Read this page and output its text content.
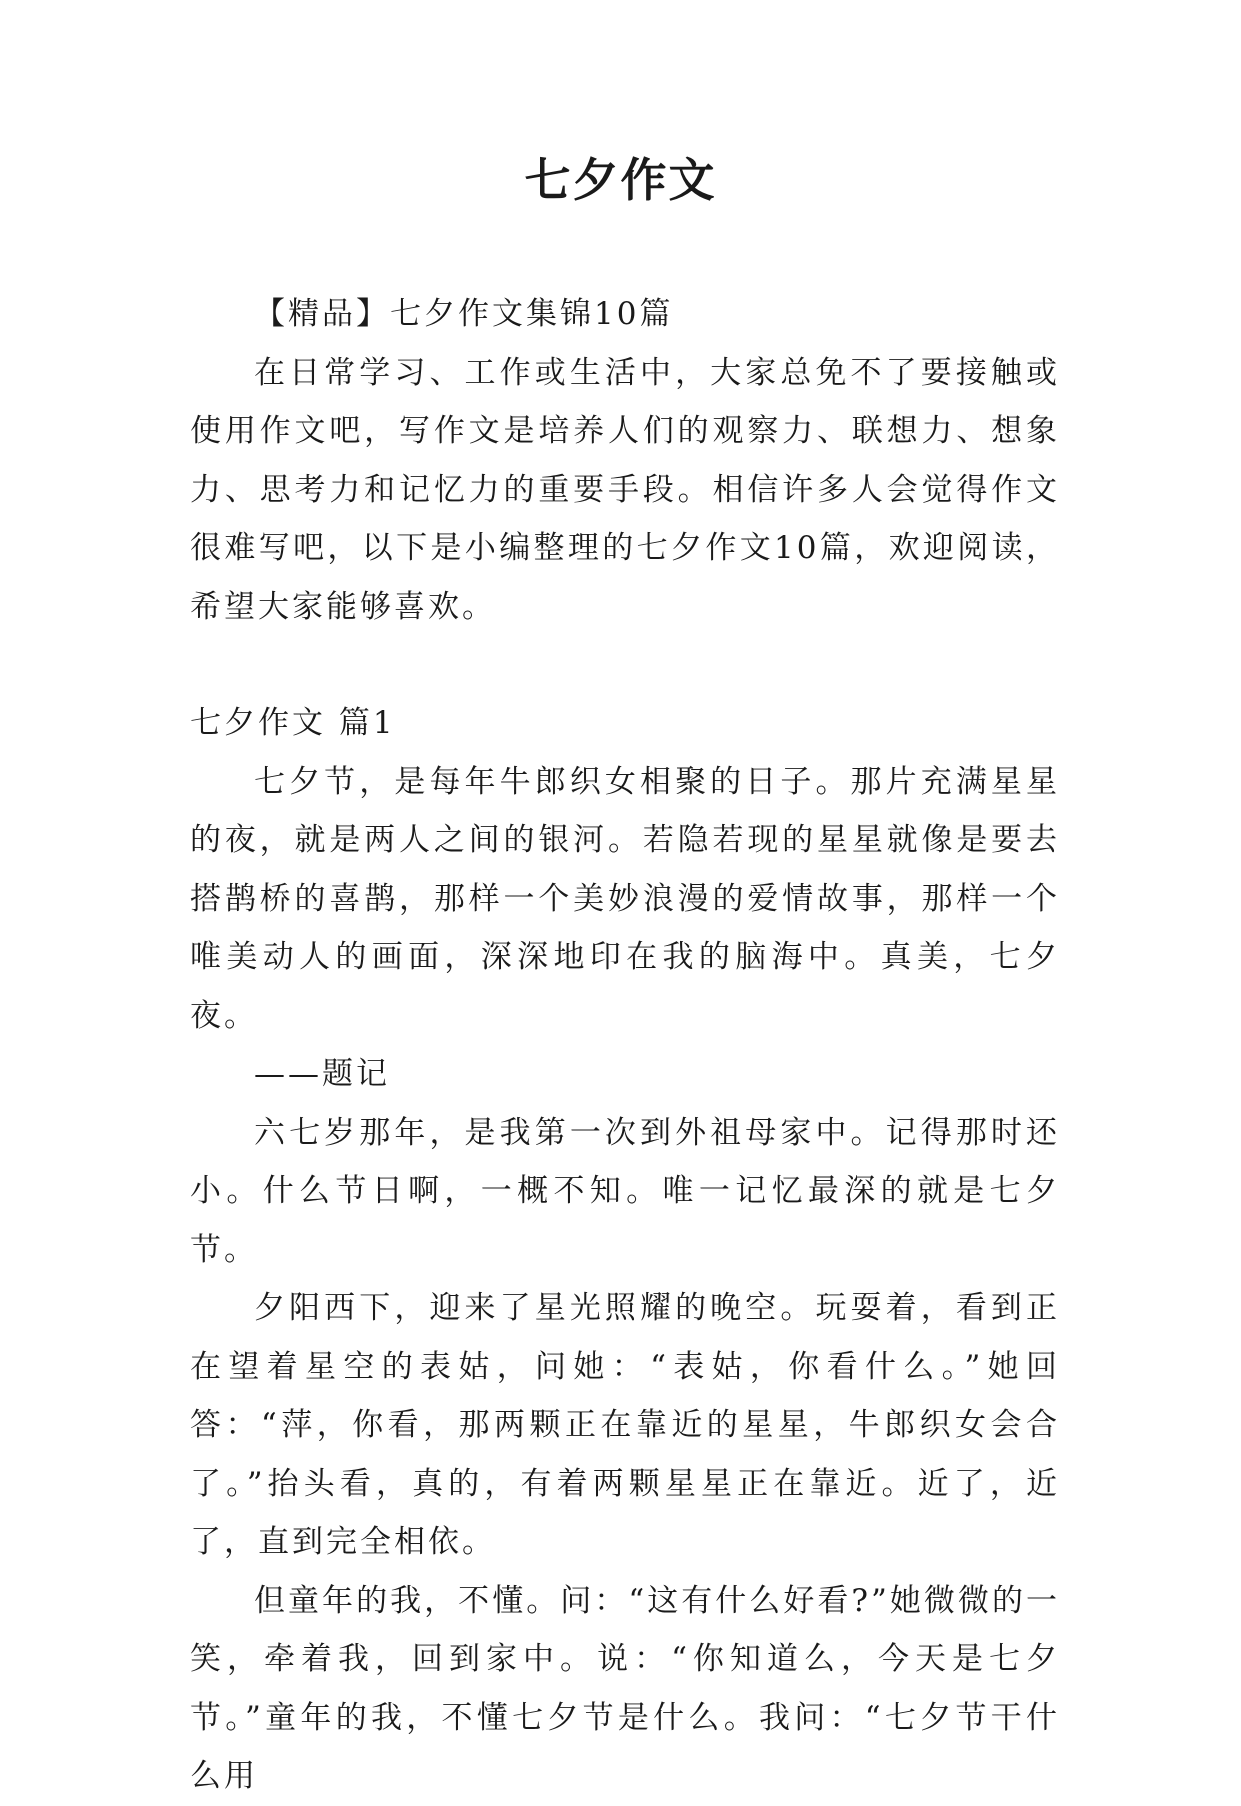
七夕作文

【精品】七夕作文集锦10篇

在日常学习、工作或生活中，大家总免不了要接触或使用作文吧，写作文是培养人们的观察力、联想力、想象力、思考力和记忆力的重要手段。相信许多人会觉得作文很难写吧，以下是小编整理的七夕作文10篇，欢迎阅读，希望大家能够喜欢。

七夕作文 篇1

七夕节，是每年牛郎织女相聚的日子。那片充满星星的夜，就是两人之间的银河。若隐若现的星星就像是要去搭鹊桥的喜鹊，那样一个美妙浪漫的爱情故事，那样一个唯美动人的画面，深深地印在我的脑海中。真美，七夕夜。

——题记

六七岁那年，是我第一次到外祖母家中。记得那时还小。什么节日啊，一概不知。唯一记忆最深的就是七夕节。

夕阳西下，迎来了星光照耀的晚空。玩耍着，看到正在望着星空的表姑，问她：“表姑，你看什么。”她回答：“萍，你看，那两颗正在靠近的星星，牛郎织女会合了。”抬头看，真的，有着两颗星星正在靠近。近了，近了，直到完全相依。

但童年的我，不懂。问：“这有什么好看?”她微微的一笑，牵着我，回到家中。说：“你知道么，今天是七夕节。”童年的我，不懂七夕节是什么。我问：“七夕节干什么用
